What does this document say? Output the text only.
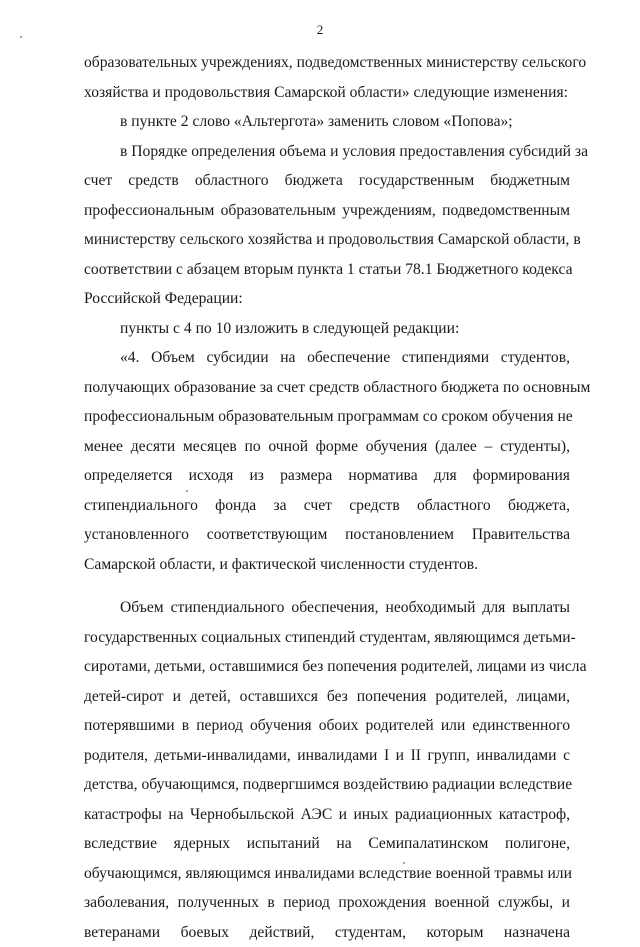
2
образовательных учреждениях, подведомственных министерству сельского
хозяйства и продовольствия Самарской области» следующие изменения:
в пункте 2 слово «Альтергота» заменить словом «Попова»;
в Порядке определения объема и условия предоставления субсидий за
счет средств областного бюджета государственным бюджетным
профессиональным образовательным учреждениям, подведомственным
министерству сельского хозяйства и продовольствия Самарской области, в
соответствии с абзацем вторым пункта 1 статьи 78.1 Бюджетного кодекса
Российской Федерации:
пункты с 4 по 10 изложить в следующей редакции:
«4. Объем субсидии на обеспечение стипендиями студентов,
получающих образование за счет средств областного бюджета по основным
профессиональным образовательным программам со сроком обучения не
менее десяти месяцев по очной форме обучения (далее – студенты),
определяется исходя из размера норматива для формирования
стипендиального фонда за счет средств областного бюджета,
установленного соответствующим постановлением Правительства
Самарской области, и фактической численности студентов.
Объем стипендиального обеспечения, необходимый для выплаты
государственных социальных стипендий студентам, являющимся детьми-
сиротами, детьми, оставшимися без попечения родителей, лицами из числа
детей-сирот и детей, оставшихся без попечения родителей, лицами,
потерявшими в период обучения обоих родителей или единственного
родителя, детьми-инвалидами, инвалидами I и II групп, инвалидами с
детства, обучающимся, подвергшимся воздействию радиации вследствие
катастрофы на Чернобыльской АЭС и иных радиационных катастроф,
вследствие ядерных испытаний на Семипалатинском полигоне,
обучающимся, являющимся инвалидами вследствие военной травмы или
заболевания, полученных в период прохождения военной службы, и
ветеранами боевых действий, студентам, которым назначена
